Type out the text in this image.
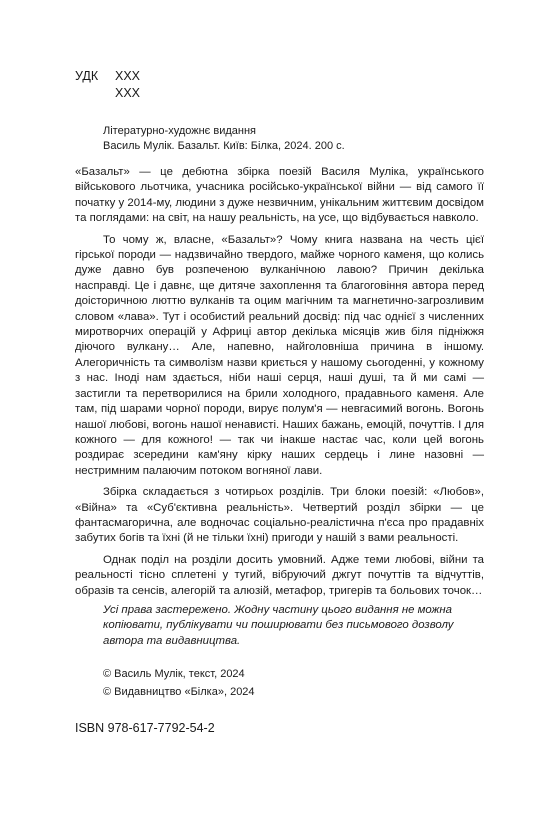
УДК ХХХ
ХХХ
Літературно-художнє видання
Василь Мулік. Базальт. Київ: Білка, 2024. 200 с.

«Базальт» — це дебютна збірка поезій Василя Муліка, українського військового льотчика, учасника російсько-української війни — від самого її початку у 2014-му, людини з дуже незвичним, унікальним життєвим досвідом та поглядами: на світ, на нашу реальність, на усе, що відбувається навколо.

То чому ж, власне, «Базальт»? Чому книга названа на честь цієї гірської породи — надзвичайно твердого, майже чорного каменя, що колись дуже давно був розпеченою вулканічною лавою? Причин декілька насправді. Це і давнє, ще дитяче захоплення та благоговіння автора перед доісторичною люттю вулканів та оцим магічним та магнетично-загрозливим словом «лава». Тут і особистий реальний досвід: під час однієї з численних миротворчих операцій у Африці автор декілька місяців жив біля підніжжя діючого вулкану… Але, напевно, найголовніша причина в іншому. Алегоричність та символізм назви криється у нашому сьогоденні, у кожному з нас. Іноді нам здається, ніби наші серця, наші душі, та й ми самі — застигли та перетворилися на брили холодного, прадавнього каменя. Але там, під шарами чорної породи, вирує полум'я — невгасимий вогонь. Вогонь нашої любові, вогонь нашої ненависті. Наших бажань, емоцій, почуттів. І для кожного — для кожного! — так чи інакше настає час, коли цей вогонь роздирає зсередини кам'яну кірку наших сердець і лине назовні — нестримним палаючим потоком вогняної лави.

Збірка складається з чотирьох розділів. Три блоки поезій: «Любов», «Війна» та «Суб'єктивна реальність». Четвертий розділ збірки — це фантасмагорична, але водночас соціально-реалістична п'єса про прадавніх забутих богів та їхні (й не тільки їхні) пригоди у нашій з вами реальності.

Однак поділ на розділи досить умовний. Адже теми любові, війни та реальності тісно сплетені у тугий, вібруючий джгут почуттів та відчуттів, образів та сенсів, алегорій та алюзій, метафор, тригерів та больових точок…

Усі права застережено. Жодну частину цього видання не можна копіювати, публікувати чи поширювати без письмового дозволу автора та видавництва.
© Василь Мулік, текст, 2024
© Видавництво «Білка», 2024
ISBN 978-617-7792-54-2
